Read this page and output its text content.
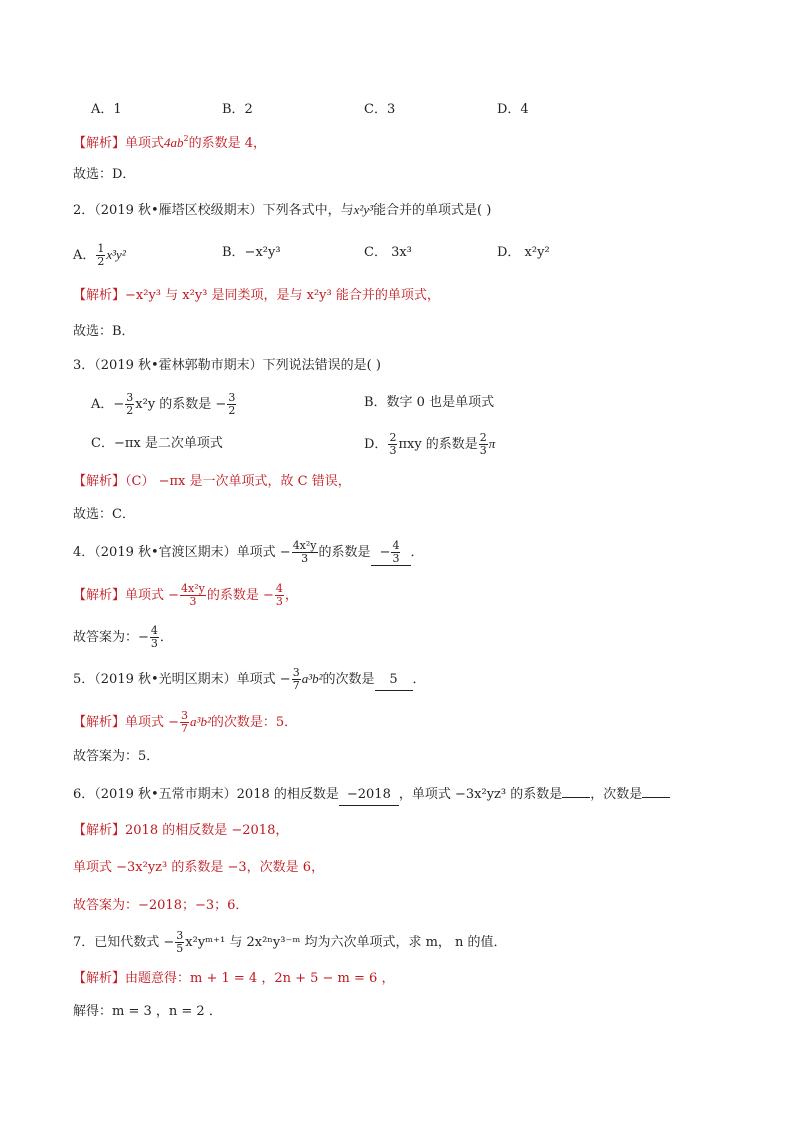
A．1	B．2	C．3	D．4
【解析】单项式$4ab^2$的系数是 4，
故选：D．
2．（2019 秋•雁塔区校级期末）下列各式中，与x²y³能合并的单项式是( )
A． $\frac{1}{2} x^3y^2$	B．−x²y³	C． 3x³	D． x²y²
【解析】−x²y³ 与 x²y³ 是同类项，是与 x²y³ 能合并的单项式，
故选：B．
3．（2019 秋•霍林郭勒市期末）下列说法错误的是( )
A．− $\frac{3}{2} x^2y$ 的系数是 − $\frac{3}{2}$	B．数字 0 也是单项式
C．−πx 是二次单项式	D． $\frac{2}{3}$ πxy 的系数是 $\frac{2}{3}$ π
【解析】（C） −πx 是一次单项式，故 C 错误，
故选：C．
4．（2019 秋•官渡区期末）单项式 − $\frac{\text{4x²y}}{3}$ 的系数是 − $\frac{4}{3}$ ．
【解析】单项式 − $\frac{\text{4x²y}}{3}$ 的系数是 − $\frac{4}{3}$ ，
故答案为：− $\frac{4}{3}$ ．
5．（2019 秋•光明区期末）单项式 − $\frac{3}{7} a^3b^2$的次数是 5 ．
【解析】单项式 − $\frac{3}{7} a^3b^2$的次数是：5．
故答案为：5．
6．（2019 秋•五常市期末）2018 的相反数是 −2018 ，单项式 −3x²yz³ 的系数是 ，次数是
【解析】2018 的相反数是 −2018，
单项式 −3x²yz³ 的系数是 −3，次数是 6，
故答案为：−2018；−3；6．
7．已知代数式 − $\frac{3}{5}$ x²yᵐ⁺¹ 与 2x²ⁿy³⁻ᵐ 均为六次单项式，求 m， n 的值．
【解析】由题意得：m + 1 = 4 ，2n + 5 − m = 6 ，
解得：m = 3 ，n = 2 ．
